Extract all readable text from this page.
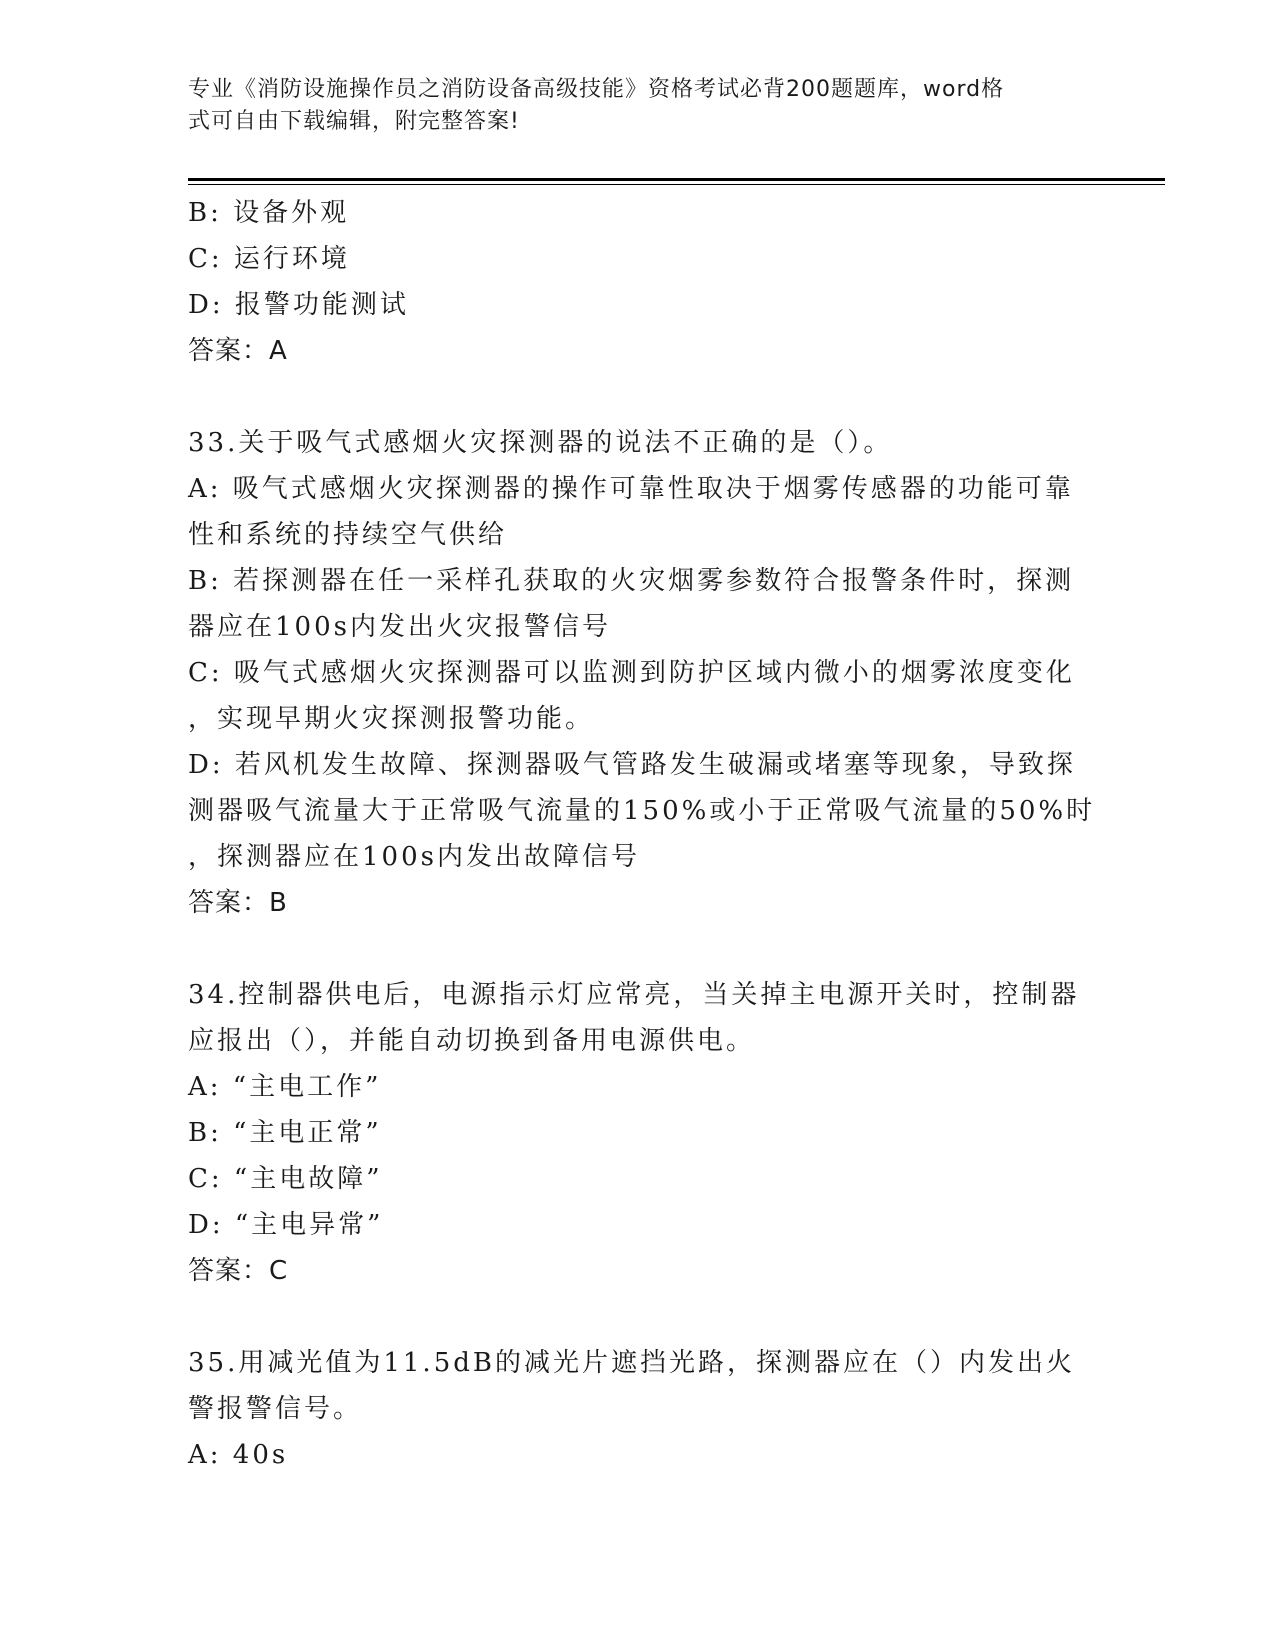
专业《消防设施操作员之消防设备高级技能》资格考试必背200题题库，word格
式可自由下载编辑，附完整答案!
B: 设备外观
C: 运行环境
D: 报警功能测试
答案：A
33.关于吸气式感烟火灾探测器的说法不正确的是（）。
A: 吸气式感烟火灾探测器的操作可靠性取决于烟雾传感器的功能可靠
性和系统的持续空气供给
B: 若探测器在任一采样孔获取的火灾烟雾参数符合报警条件时，探测
器应在100s内发出火灾报警信号
C: 吸气式感烟火灾探测器可以监测到防护区域内微小的烟雾浓度变化
，实现早期火灾探测报警功能。
D: 若风机发生故障、探测器吸气管路发生破漏或堵塞等现象，导致探
测器吸气流量大于正常吸气流量的150%或小于正常吸气流量的50%时
，探测器应在100s内发出故障信号
答案：B
34.控制器供电后，电源指示灯应常亮，当关掉主电源开关时，控制器
应报出（），并能自动切换到备用电源供电。
A: “主电工作”
B: “主电正常”
C: “主电故障”
D: “主电异常”
答案：C
35.用减光值为11.5dB的减光片遮挡光路，探测器应在（）内发出火
警报警信号。
A: 40s
